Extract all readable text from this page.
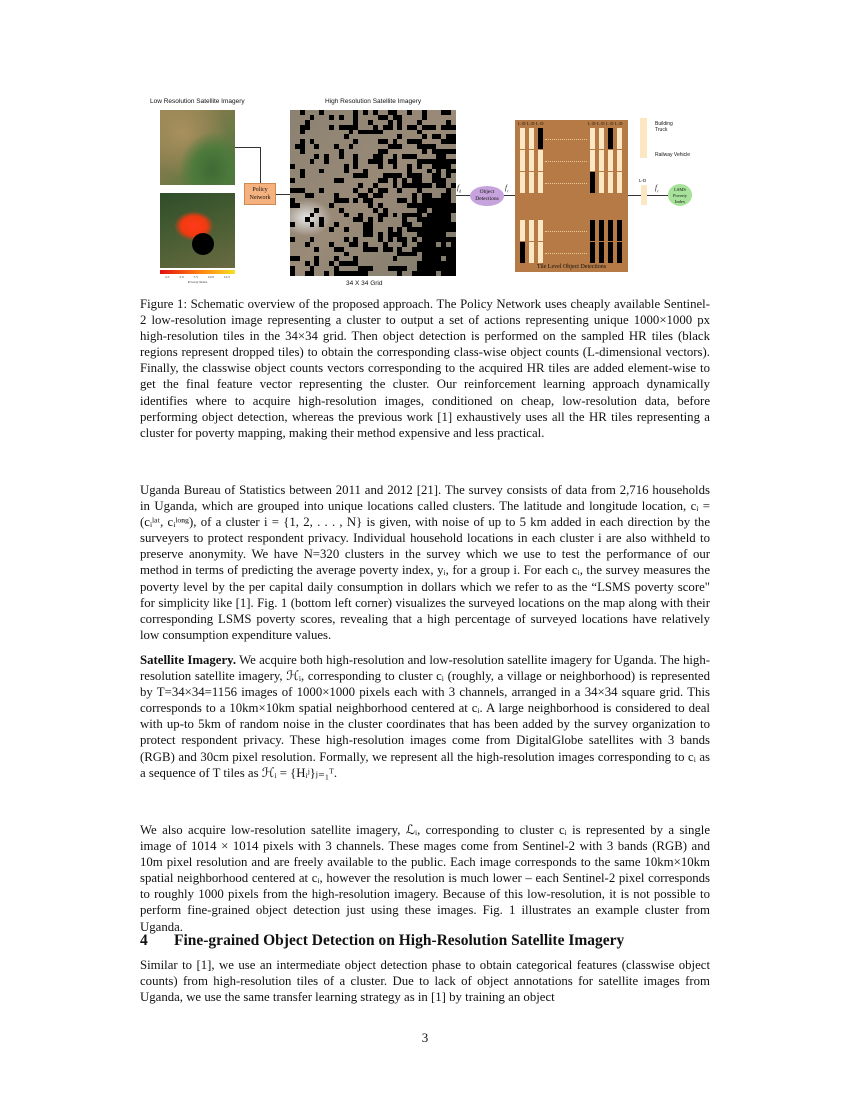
Low Resolution Satellite Imagery	High Resolution Satellite Imagery
2.5	5.0	7.5	10.0	12.5
Poverty Index
Policy Network
34 X 34 Grid
$f_d$	Object Detections
$f_r$
L·D L·D L·D	L·D L·D L·D L·D
Tile Level Object Detections
Building
Truck
Railway Vehicle
L-D
$f_r$	LSMS Poverty Index
Figure 1: Schematic overview of the proposed approach. The Policy Network uses cheaply available Sentinel-2 low-resolution image representing a cluster to output a set of actions representing unique 1000×1000 px high-resolution tiles in the 34×34 grid. Then object detection is performed on the sampled HR tiles (black regions represent dropped tiles) to obtain the corresponding class-wise object counts (L-dimensional vectors). Finally, the classwise object counts vectors corresponding to the acquired HR tiles are added element-wise to get the final feature vector representing the cluster. Our reinforcement learning approach dynamically identifies where to acquire high-resolution images, conditioned on cheap, low-resolution data, before performing object detection, whereas the previous work [1] exhaustively uses all the HR tiles representing a cluster for poverty mapping, making their method expensive and less practical.
Uganda Bureau of Statistics between 2011 and 2012 [21]. The survey consists of data from 2,716 households in Uganda, which are grouped into unique locations called clusters. The latitude and longitude location, cᵢ = (cᵢˡᵃᵗ, cᵢˡᵒⁿᵍ), of a cluster i = {1, 2, . . . , N} is given, with noise of up to 5 km added in each direction by the surveyers to protect respondent privacy. Individual household locations in each cluster i are also withheld to preserve anonymity. We have N=320 clusters in the survey which we use to test the performance of our method in terms of predicting the average poverty index, yᵢ, for a group i. For each cᵢ, the survey measures the poverty level by the per capital daily consumption in dollars which we refer to as the “LSMS poverty score" for simplicity like [1]. Fig. 1 (bottom left corner) visualizes the surveyed locations on the map along with their corresponding LSMS poverty scores, revealing that a high percentage of surveyed locations have relatively low consumption expenditure values.
Satellite Imagery. We acquire both high-resolution and low-resolution satellite imagery for Uganda. The high-resolution satellite imagery, ℋᵢ, corresponding to cluster cᵢ (roughly, a village or neighborhood) is represented by T=34×34=1156 images of 1000×1000 pixels each with 3 channels, arranged in a 34×34 square grid. This corresponds to a 10km×10km spatial neighborhood centered at cᵢ. A large neighborhood is considered to deal with up-to 5km of random noise in the cluster coordinates that has been added by the survey organization to protect respondent privacy. These high-resolution images come from DigitalGlobe satellites with 3 bands (RGB) and 30cm pixel resolution. Formally, we represent all the high-resolution images corresponding to cᵢ as a sequence of T tiles as ℋᵢ = {Hᵢʲ}ⱼ₌₁ᵀ.
We also acquire low-resolution satellite imagery, ℒᵢ, corresponding to cluster cᵢ is represented by a single image of 1014 × 1014 pixels with 3 channels. These mages come from Sentinel-2 with 3 bands (RGB) and 10m pixel resolution and are freely available to the public. Each image corresponds to the same 10km×10km spatial neighborhood centered at cᵢ, however the resolution is much lower – each Sentinel-2 pixel corresponds to roughly 1000 pixels from the high-resolution imagery. Because of this low-resolution, it is not possible to perform fine-grained object detection just using these images. Fig. 1 illustrates an example cluster from Uganda.
4 Fine-grained Object Detection on High-Resolution Satellite Imagery
Similar to [1], we use an intermediate object detection phase to obtain categorical features (classwise object counts) from high-resolution tiles of a cluster. Due to lack of object annotations for satellite images from Uganda, we use the same transfer learning strategy as in [1] by training an object
3
